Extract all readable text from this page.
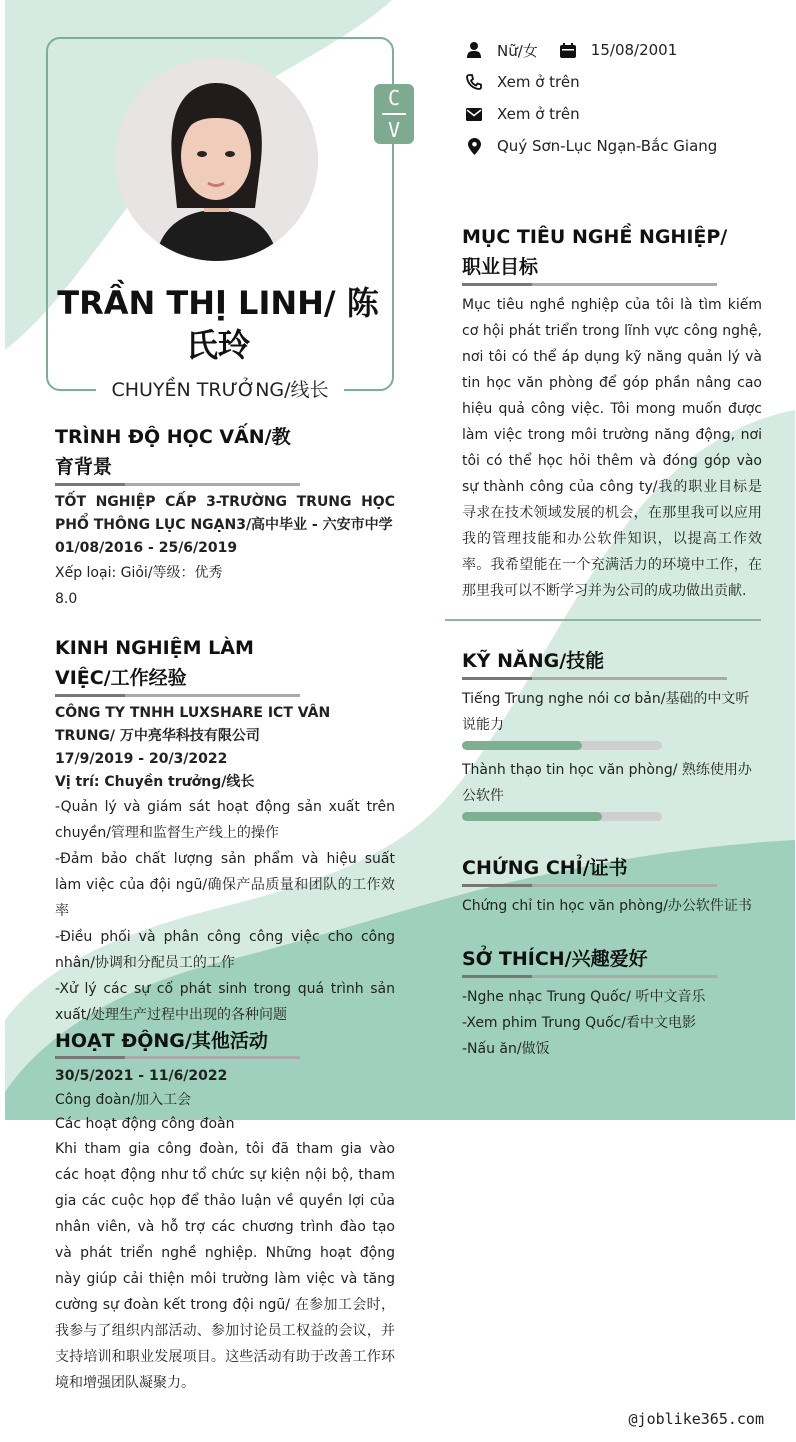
C
V
TRẦN THỊ LINH/ 陈氏玲
CHUYỀN TRƯỞNG/线长
Nữ/女	15/08/2001
Xem ở trên
Xem ở trên
Quý Sơn-Lục Ngạn-Bắc Giang
TRÌNH ĐỘ HỌC VẤN/教育背景
TỐT NGHIỆP CẤP 3-TRƯỜNG TRUNG HỌC PHỔ THÔNG LỤC NGẠN3/高中毕业 - 六安市中学
01/08/2016 - 25/6/2019
Xếp loại: Giỏi/等级：优秀
8.0
KINH NGHIỆM LÀM VIỆC/工作经验
CÔNG TY TNHH LUXSHARE ICT VÂN TRUNG/ 万中亮华科技有限公司
17/9/2019 - 20/3/2022
Vị trí: Chuyền trưởng/线长
-Quản lý và giám sát hoạt động sản xuất trên chuyền/管理和监督生产线上的操作
-Đảm bảo chất lượng sản phẩm và hiệu suất làm việc của đội ngũ/确保产品质量和团队的工作效率
-Điều phối và phân công công việc cho công nhân/协调和分配员工的工作
-Xử lý các sự cố phát sinh trong quá trình sản xuất/处理生产过程中出现的各种问题
HOẠT ĐỘNG/其他活动
30/5/2021 - 11/6/2022
Công đoàn/加入工会
Các hoạt động công đoàn
Khi tham gia công đoàn, tôi đã tham gia vào các hoạt động như tổ chức sự kiện nội bộ, tham gia các cuộc họp để thảo luận về quyền lợi của nhân viên, và hỗ trợ các chương trình đào tạo và phát triển nghề nghiệp. Những hoạt động này giúp cải thiện môi trường làm việc và tăng cường sự đoàn kết trong đội ngũ/ 在参加工会时，我参与了组织内部活动、参加讨论员工权益的会议，并支持培训和职业发展项目。这些活动有助于改善工作环境和增强团队凝聚力。
MỤC TIÊU NGHỀ NGHIỆP/职业目标
Mục tiêu nghề nghiệp của tôi là tìm kiếm cơ hội phát triển trong lĩnh vực công nghệ, nơi tôi có thể áp dụng kỹ năng quản lý và tin học văn phòng để góp phần nâng cao hiệu quả công việc. Tôi mong muốn được làm việc trong môi trường năng động, nơi tôi có thể học hỏi thêm và đóng góp vào sự thành công của công ty/我的职业目标是寻求在技术领域发展的机会，在那里我可以应用我的管理技能和办公软件知识，以提高工作效率。我希望能在一个充满活力的环境中工作，在那里我可以不断学习并为公司的成功做出贡献.
KỸ NĂNG/技能
Tiếng Trung nghe nói cơ bản/基础的中文听说能力
Thành thạo tin học văn phòng/ 熟练使用办公软件
CHỨNG CHỈ/证书
Chứng chỉ tin học văn phòng/办公软件证书
SỞ THÍCH/兴趣爱好
-Nghe nhạc Trung Quốc/ 听中文音乐
-Xem phim Trung Quốc/看中文电影
-Nấu ăn/做饭
@joblike365.com
